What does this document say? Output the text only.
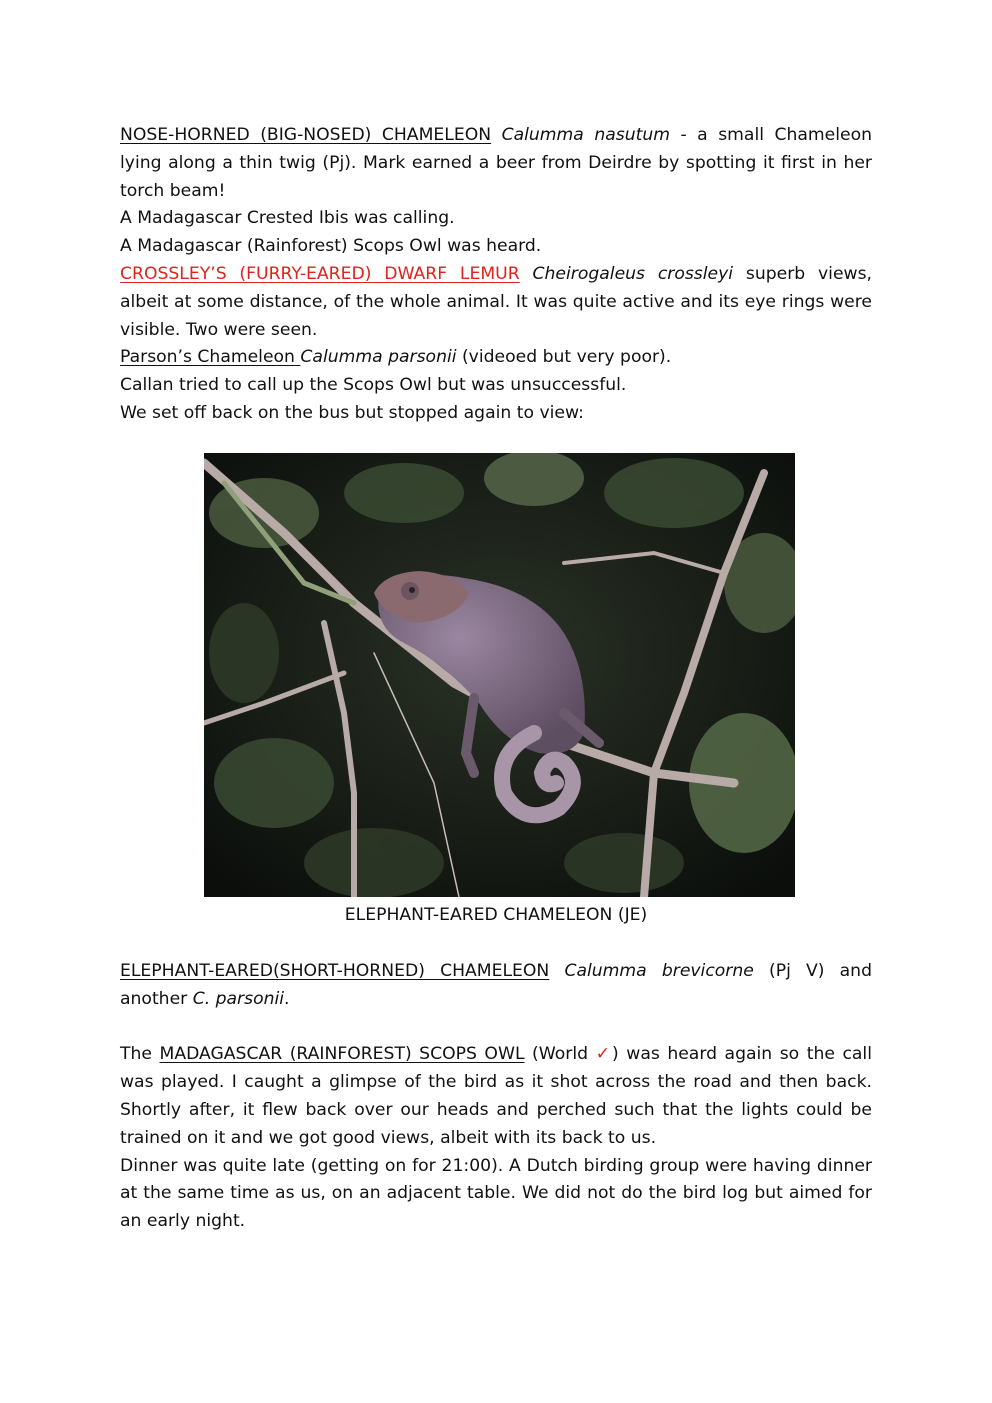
NOSE-HORNED (BIG-NOSED) CHAMELEON Calumma nasutum - a small Chameleon lying along a thin twig (Pj). Mark earned a beer from Deirdre by spotting it first in her torch beam!

A Madagascar Crested Ibis was calling.

A Madagascar (Rainforest) Scops Owl was heard.

CROSSLEY’S (FURRY-EARED) DWARF LEMUR Cheirogaleus crossleyi superb views, albeit at some distance, of the whole animal. It was quite active and its eye rings were visible. Two were seen.

Parson’s Chameleon Calumma parsonii (videoed but very poor).

Callan tried to call up the Scops Owl but was unsuccessful.

We set off back on the bus but stopped again to view:

ELEPHANT-EARED CHAMELEON (JE)

ELEPHANT-EARED(SHORT-HORNED) CHAMELEON Calumma brevicorne (Pj V) and another C. parsonii.

The MADAGASCAR (RAINFOREST) SCOPS OWL (World ✓) was heard again so the call was played. I caught a glimpse of the bird as it shot across the road and then back. Shortly after, it flew back over our heads and perched such that the lights could be trained on it and we got good views, albeit with its back to us.

Dinner was quite late (getting on for 21:00). A Dutch birding group were having dinner at the same time as us, on an adjacent table. We did not do the bird log but aimed for an early night.
